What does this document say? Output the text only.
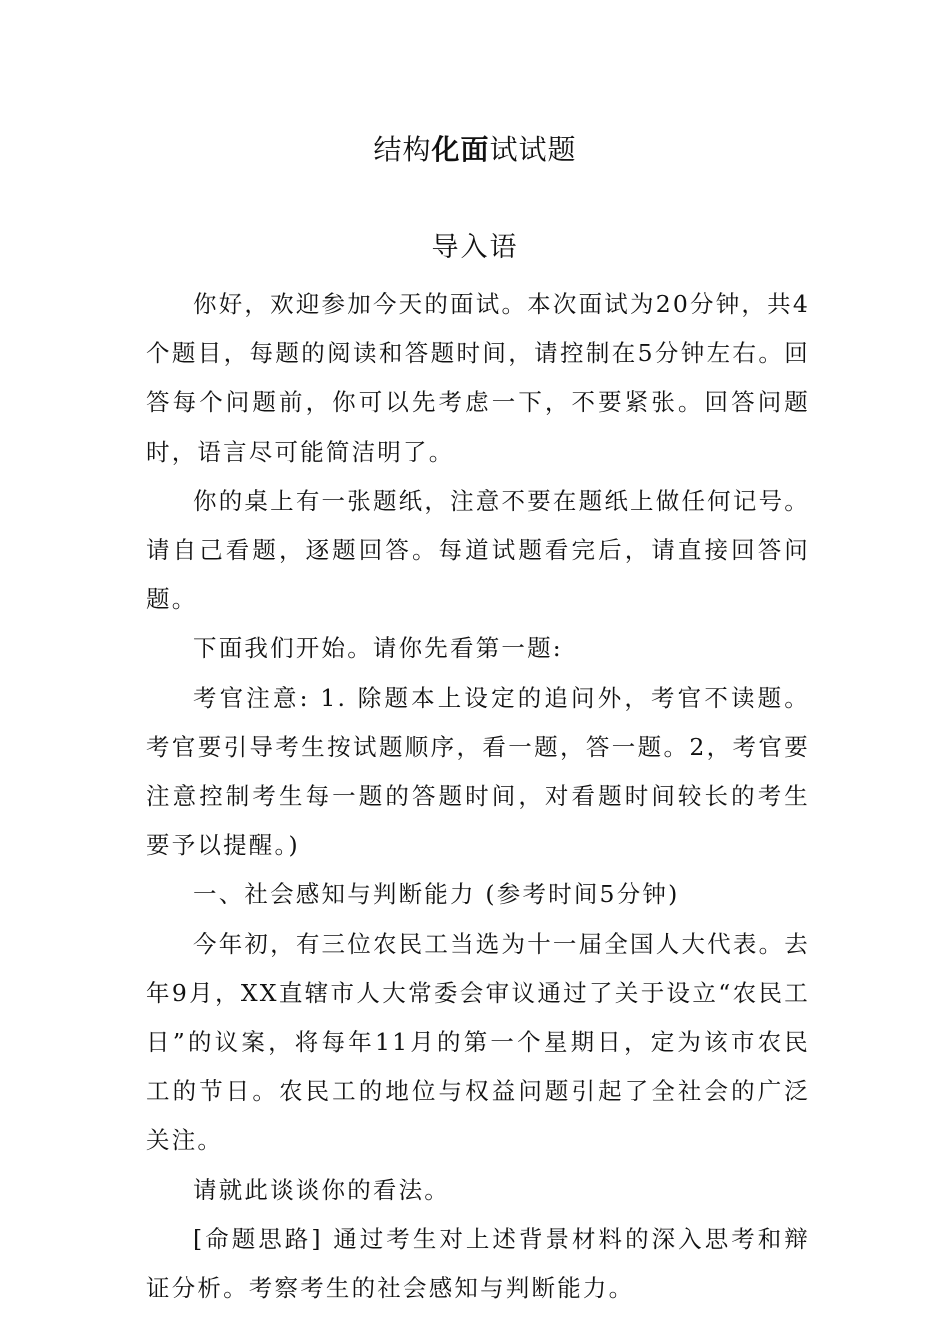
结构化面试试题
导入语

你好，欢迎参加今天的面试。本次面试为20分钟，共4个题目，每题的阅读和答题时间，请控制在5分钟左右。回答每个问题前，你可以先考虑一下，不要紧张。回答问题时，语言尽可能简洁明了。

你的桌上有一张题纸，注意不要在题纸上做任何记号。请自己看题，逐题回答。每道试题看完后，请直接回答问题。

下面我们开始。请你先看第一题:

考官注意: 1. 除题本上设定的追问外，考官不读题。考官要引导考生按试题顺序，看一题，答一题。2，考官要注意控制考生每一题的答题时间，对看题时间较长的考生要予以提醒。)

一、社会感知与判断能力 (参考时间5分钟)

今年初，有三位农民工当选为十一届全国人大代表。去年9月，XX直辖市人大常委会审议通过了关于设立“农民工日”的议案，将每年11月的第一个星期日，定为该市农民工的节日。农民工的地位与权益问题引起了全社会的广泛关注。

请就此谈谈你的看法。

[命题思路] 通过考生对上述背景材料的深入思考和辩证分析。考察考生的社会感知与判断能力。
